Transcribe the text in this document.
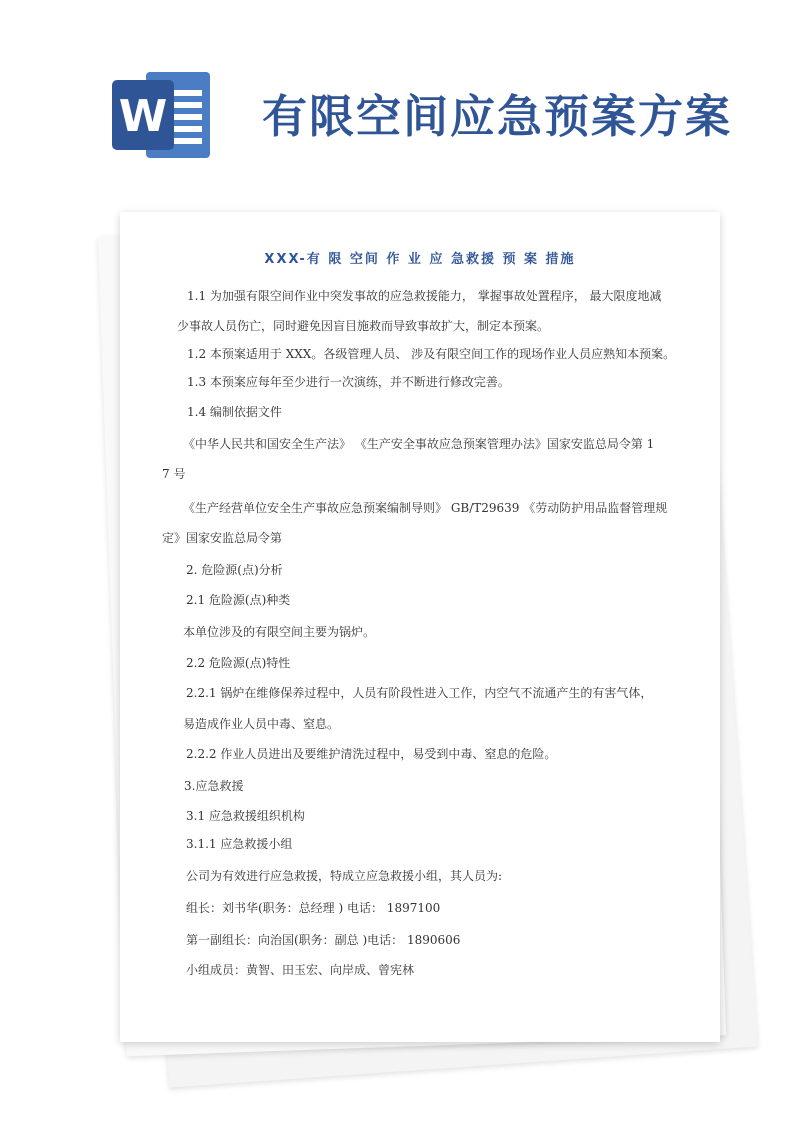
W 有限空间应急预案方案
XXX-有 限 空间 作 业 应 急救援 预 案 措施
1.1 为加强有限空间作业中突发事故的应急救援能力， 掌握事故处置程序， 最大限度地减
少事故人员伤亡，同时避免因盲目施救而导致事故扩大，制定本预案。
1.2 本预案适用于 XXX。各级管理人员、 涉及有限空间工作的现场作业人员应熟知本预案。
1.3 本预案应每年至少进行一次演练，并不断进行修改完善。
1.4 编制依据文件
《中华人民共和国安全生产法》 《生产安全事故应急预案管理办法》国家安监总局令第 1
7 号
《生产经营单位安全生产事故应急预案编制导则》 GB/T29639 《劳动防护用品监督管理规
定》国家安监总局令第
2. 危险源(点)分析
2.1 危险源(点)种类
本单位涉及的有限空间主要为锅炉。
2.2 危险源(点)特性
2.2.1 锅炉在维修保养过程中，人员有阶段性进入工作，内空气不流通产生的有害气体，
易造成作业人员中毒、窒息。
2.2.2 作业人员进出及要维护清洗过程中，易受到中毒、窒息的危险。
3.应急救援
3.1 应急救援组织机构
3.1.1 应急救援小组
公司为有效进行应急救援，特成立应急救援小组，其人员为:
组长：刘书华(职务：总经理 ) 电话： 1897100
第一副组长：向治国(职务：副总 )电话： 1890606
小组成员：黄智、田玉宏、向岸成、曾宪林
